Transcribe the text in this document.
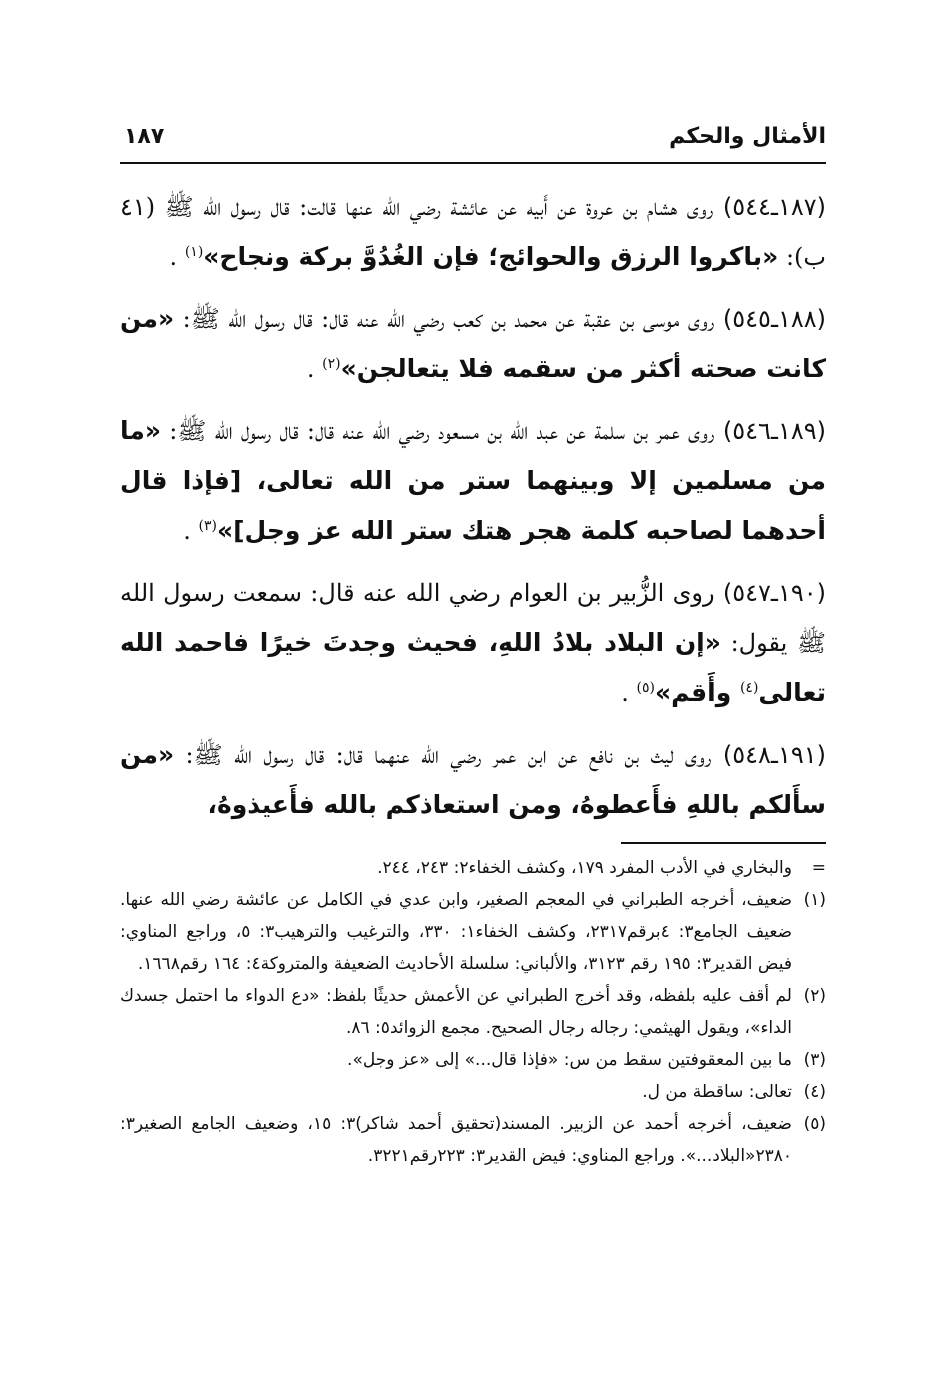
الأمثال والحكم
١٨٧

(١٨٧ـ٥٤٤) روى هشام بن عروة عن أَبيه عن عائشة رضي الله عنها قالت: قال رسول الله ﷺ (٤١ ب): «باكروا الرزق والحوائج؛ فإن الغُدُوَّ بركة ونجاح»$^{(١)}$ .

(١٨٨ـ٥٤٥) روى موسى بن عقبة عن محمد بن كعب رضي الله عنه قال: قال رسول الله ﷺ: «من كانت صحته أكثر من سقمه فلا يتعالجن»$^{(٢)}$ .

(١٨٩ـ٥٤٦) روى عمر بن سلمة عن عبد الله بن مسعود رضي الله عنه قال: قال رسول الله ﷺ: «ما من مسلمين إلا وبينهما ستر من الله تعالى، [فإذا قال أحدهما لصاحبه كلمة هجر هتك ستر الله عز وجل]»$^{(٣)}$ .

(١٩٠ـ٥٤٧) روى الزُّبير بن العوام رضي الله عنه قال: سمعت رسول الله ﷺ يقول: «إن البلاد بلادُ اللهِ، فحيث وجدتَ خيرًا فاحمد الله تعالى$^{(٤)}$ وأَقم»$^{(٥)}$ .

(١٩١ـ٥٤٨) روى ليث بن نافع عن ابن عمر رضي الله عنهما قال: قال رسول الله ﷺ: «من سأَلكم باللهِ فأَعطوهُ، ومن استعاذكم بالله فأَعيذوهُ،

=
والبخاري في الأدب المفرد ١٧٩، وكشف الخفاء٢: ٢٤٣، ٢٤٤.
(١)
ضعيف، أخرجه الطبراني في المعجم الصغير، وابن عدي في الكامل عن عائشة رضي الله عنها. ضعيف الجامع٣: ٤برقم٢٣١٧، وكشف الخفاء١: ٣٣٠، والترغيب والترهيب٣: ٥، وراجع المناوي: فيض القدير٣: ١٩٥ رقم ٣١٢٣، والألباني: سلسلة الأحاديث الضعيفة والمتروكة٤: ١٦٤ رقم١٦٦٨.
(٢)
لم أقف عليه بلفظه، وقد أخرج الطبراني عن الأعمش حديثًا بلفظ: «دع الدواء ما احتمل جسدك الداء»، ويقول الهيثمي: رجاله رجال الصحيح. مجمع الزوائد٥: ٨٦.
(٣)
ما بين المعقوفتين سقط من س: «فإذا قال...» إلى «عز وجل».
(٤)
تعالى: ساقطة من ل.
(٥)
ضعيف، أخرجه أحمد عن الزبير. المسند(تحقيق أحمد شاكر)٣: ١٥، وضعيف الجامع الصغير٣: ٢٣٨٠«البلاد...». وراجع المناوي: فيض القدير٣: ٢٢٣رقم٣٢٢١.
